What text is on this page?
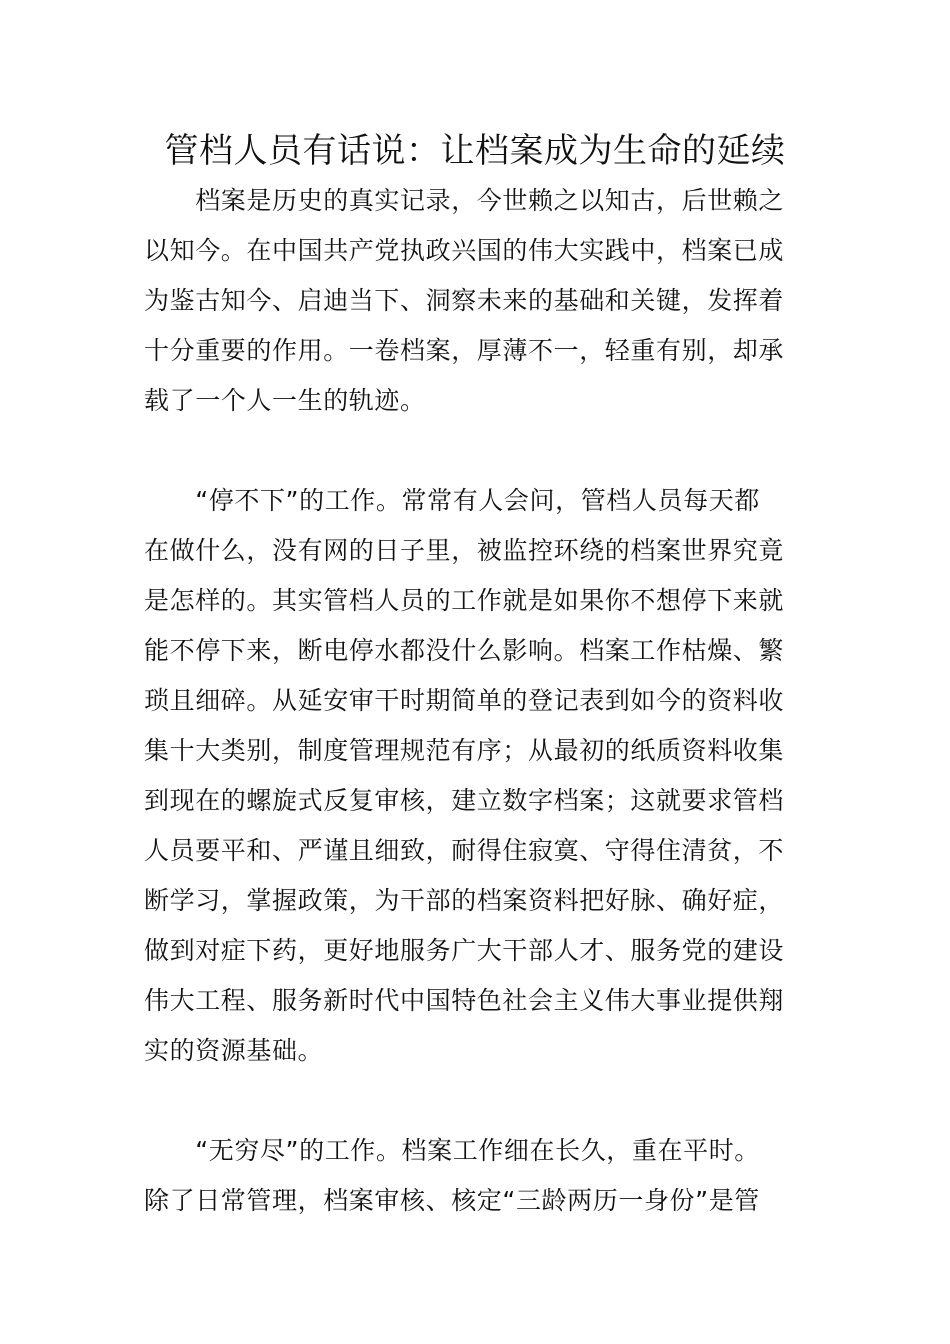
管档人员有话说：让档案成为生命的延续
　　档案是历史的真实记录，今世赖之以知古，后世赖之
以知今。在中国共产党执政兴国的伟大实践中，档案已成
为鉴古知今、启迪当下、洞察未来的基础和关键，发挥着
十分重要的作用。一卷档案，厚薄不一，轻重有别，却承
载了一个人一生的轨迹。
　　“停不下”的工作。常常有人会问，管档人员每天都
在做什么，没有网的日子里，被监控环绕的档案世界究竟
是怎样的。其实管档人员的工作就是如果你不想停下来就
能不停下来，断电停水都没什么影响。档案工作枯燥、繁
琐且细碎。从延安审干时期简单的登记表到如今的资料收
集十大类别，制度管理规范有序；从最初的纸质资料收集
到现在的螺旋式反复审核，建立数字档案；这就要求管档
人员要平和、严谨且细致，耐得住寂寞、守得住清贫，不
断学习，掌握政策，为干部的档案资料把好脉、确好症，
做到对症下药，更好地服务广大干部人才、服务党的建设
伟大工程、服务新时代中国特色社会主义伟大事业提供翔
实的资源基础。
　　“无穷尽”的工作。档案工作细在长久，重在平时。
除了日常管理，档案审核、核定“三龄两历一身份”是管
